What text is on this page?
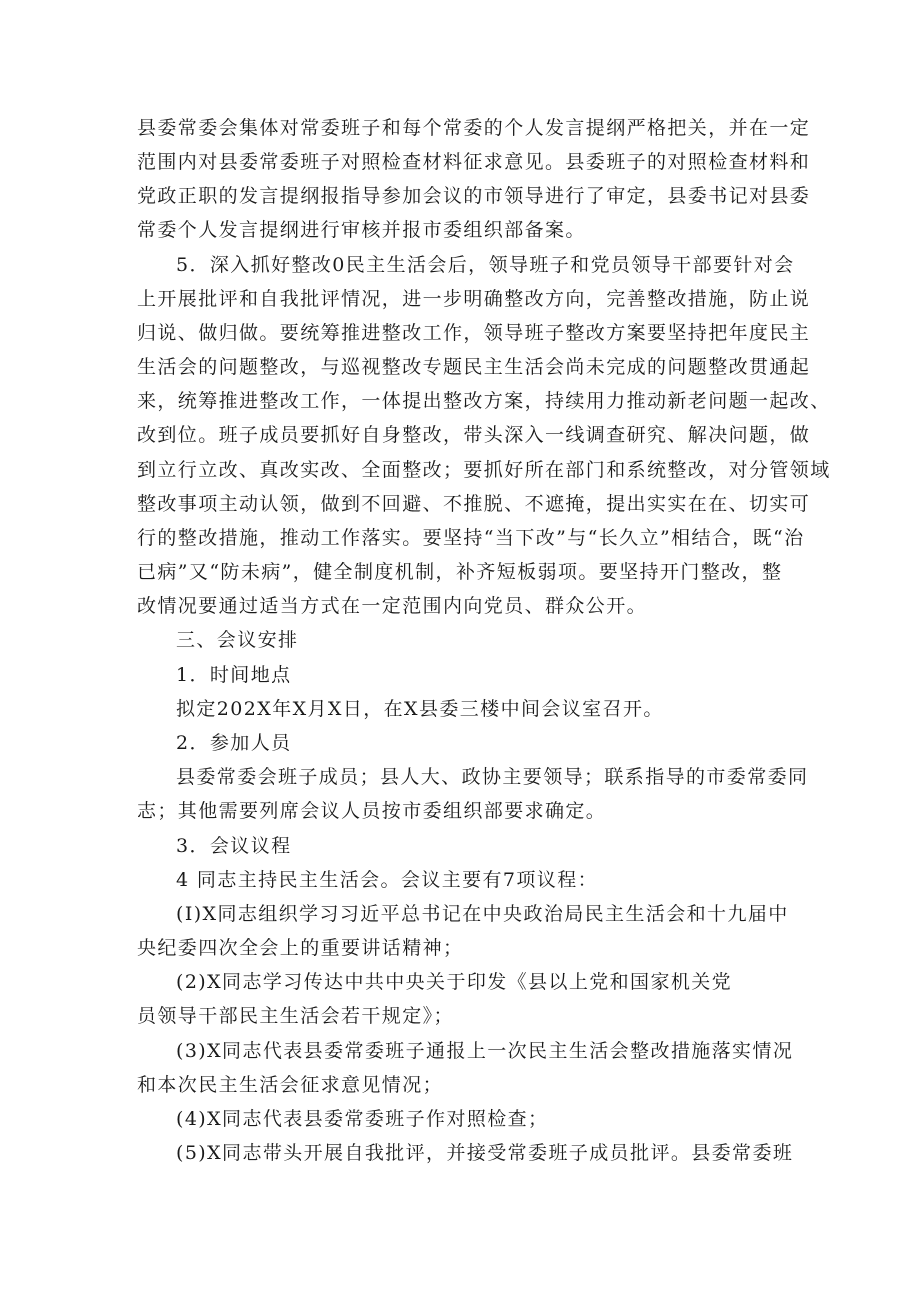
县委常委会集体对常委班子和每个常委的个人发言提纲严格把关，并在一定
范围内对县委常委班子对照检查材料征求意见。县委班子的对照检查材料和
党政正职的发言提纲报指导参加会议的市领导进行了审定，县委书记对县委
常委个人发言提纲进行审核并报市委组织部备案。
5．深入抓好整改0民主生活会后，领导班子和党员领导干部要针对会
上开展批评和自我批评情况，进一步明确整改方向，完善整改措施，防止说
归说、做归做。要统筹推进整改工作，领导班子整改方案要坚持把年度民主
生活会的问题整改，与巡视整改专题民主生活会尚未完成的问题整改贯通起
来，统筹推进整改工作，一体提出整改方案，持续用力推动新老问题一起改、
改到位。班子成员要抓好自身整改，带头深入一线调查研究、解决问题，做
到立行立改、真改实改、全面整改；要抓好所在部门和系统整改，对分管领域
整改事项主动认领，做到不回避、不推脱、不遮掩，提出实实在在、切实可
行的整改措施，推动工作落实。要坚持“当下改”与“长久立”相结合，既“治
已病”又“防未病”，健全制度机制，补齐短板弱项。要坚持开门整改，整
改情况要通过适当方式在一定范围内向党员、群众公开。
三、会议安排
1．时间地点
拟定202X年X月X日，在X县委三楼中间会议室召开。
2．参加人员
县委常委会班子成员；县人大、政协主要领导；联系指导的市委常委同
志；其他需要列席会议人员按市委组织部要求确定。
3．会议议程
4 同志主持民主生活会。会议主要有7项议程：
(I)X同志组织学习习近平总书记在中央政治局民主生活会和十九届中
央纪委四次全会上的重要讲话精神；
(2)X同志学习传达中共中央关于印发《县以上党和国家机关党
员领导干部民主生活会若干规定》；
(3)X同志代表县委常委班子通报上一次民主生活会整改措施落实情况
和本次民主生活会征求意见情况；
(4)X同志代表县委常委班子作对照检查；
(5)X同志带头开展自我批评，并接受常委班子成员批评。县委常委班
